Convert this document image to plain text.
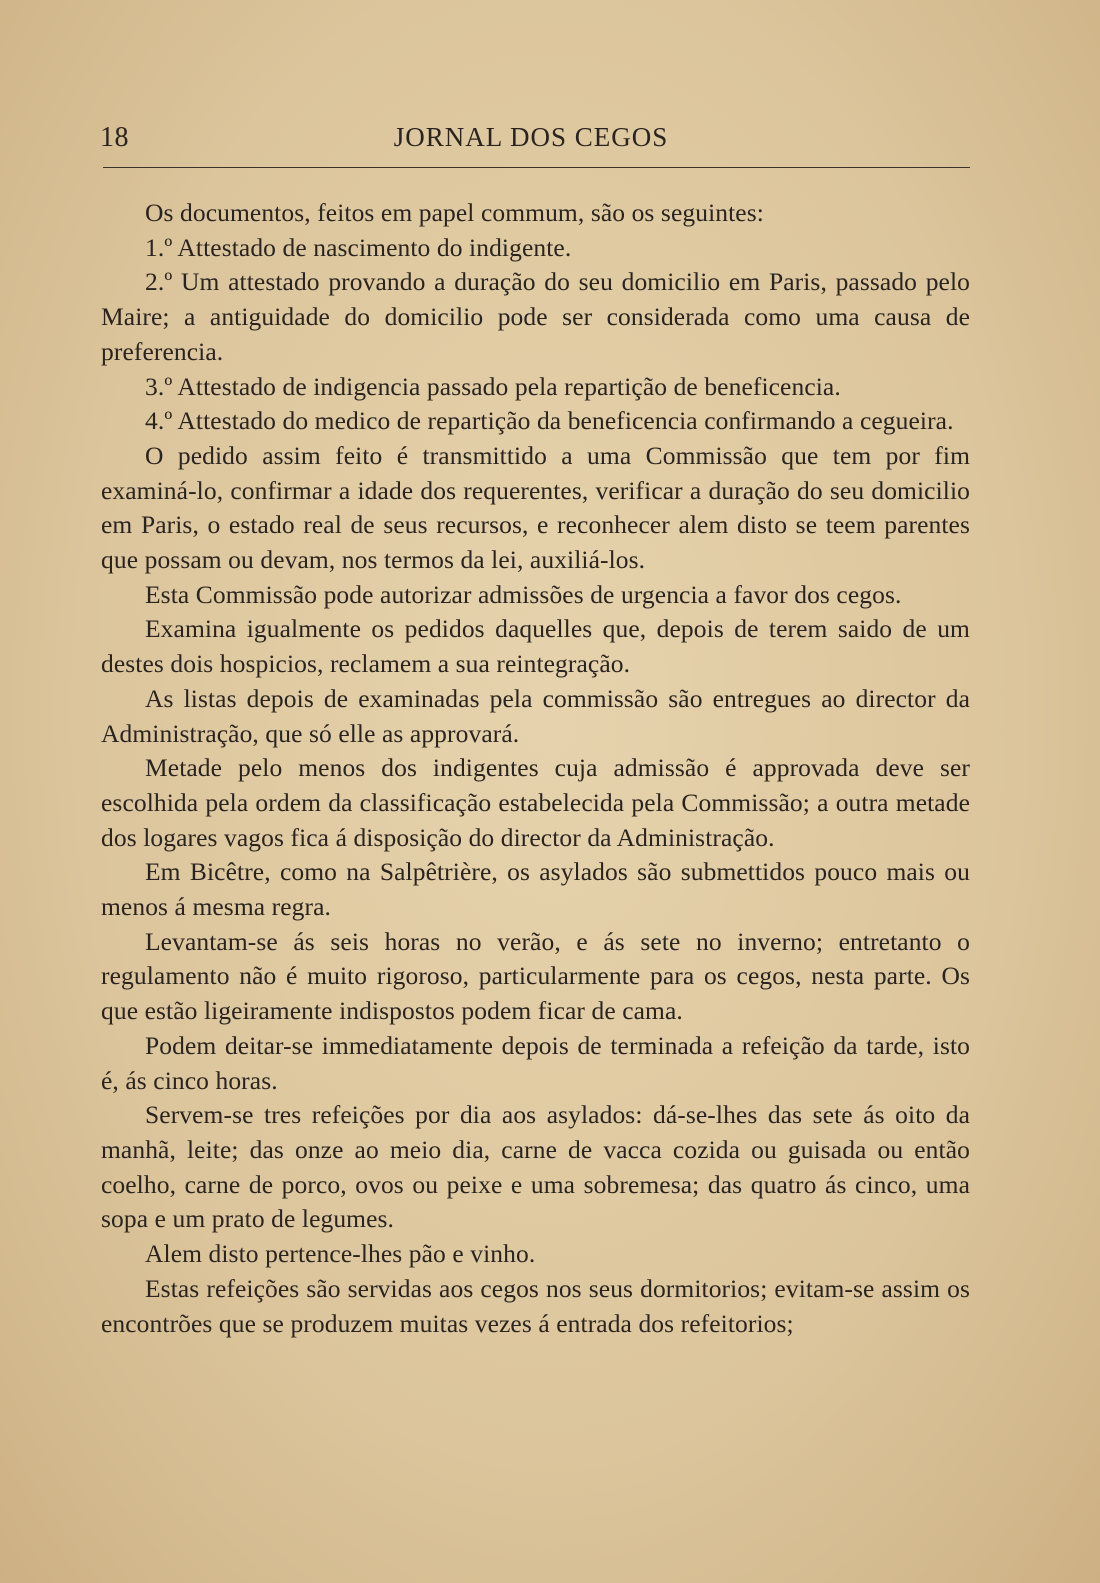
18	JORNAL DOS CEGOS

Os documentos, feitos em papel commum, são os seguintes:

1.º Attestado de nascimento do indigente.

2.º Um attestado provando a duração do seu domicilio em Paris, passado pelo Maire; a antiguidade do domicilio pode ser considerada como uma causa de preferencia.

3.º Attestado de indigencia passado pela repartição de beneficencia.

4.º Attestado do medico de repartição da beneficencia confirmando a cegueira.

O pedido assim feito é transmittido a uma Commissão que tem por fim examiná-lo, confirmar a idade dos requerentes, verificar a duração do seu domicilio em Paris, o estado real de seus recursos, e reconhecer alem disto se teem parentes que possam ou devam, nos termos da lei, auxiliá-los.

Esta Commissão pode autorizar admissões de urgencia a favor dos cegos.

Examina igualmente os pedidos daquelles que, depois de terem saido de um destes dois hospicios, reclamem a sua reintegração.

As listas depois de examinadas pela commissão são entregues ao director da Administração, que só elle as approvará.

Metade pelo menos dos indigentes cuja admissão é approvada deve ser escolhida pela ordem da classificação estabelecida pela Commissão; a outra metade dos logares vagos fica á disposição do director da Administração.

Em Bicêtre, como na Salpêtrière, os asylados são submettidos pouco mais ou menos á mesma regra.

Levantam-se ás seis horas no verão, e ás sete no inverno; entretanto o regulamento não é muito rigoroso, particularmente para os cegos, nesta parte. Os que estão ligeiramente indispostos podem ficar de cama.

Podem deitar-se immediatamente depois de terminada a refeição da tarde, isto é, ás cinco horas.

Servem-se tres refeições por dia aos asylados: dá-se-lhes das sete ás oito da manhã, leite; das onze ao meio dia, carne de vacca cozida ou guisada ou então coelho, carne de porco, ovos ou peixe e uma sobremesa; das quatro ás cinco, uma sopa e um prato de legumes.

Alem disto pertence-lhes pão e vinho.

Estas refeições são servidas aos cegos nos seus dormitorios; evitam-se assim os encontrões que se produzem muitas vezes á entrada dos refeitorios;
